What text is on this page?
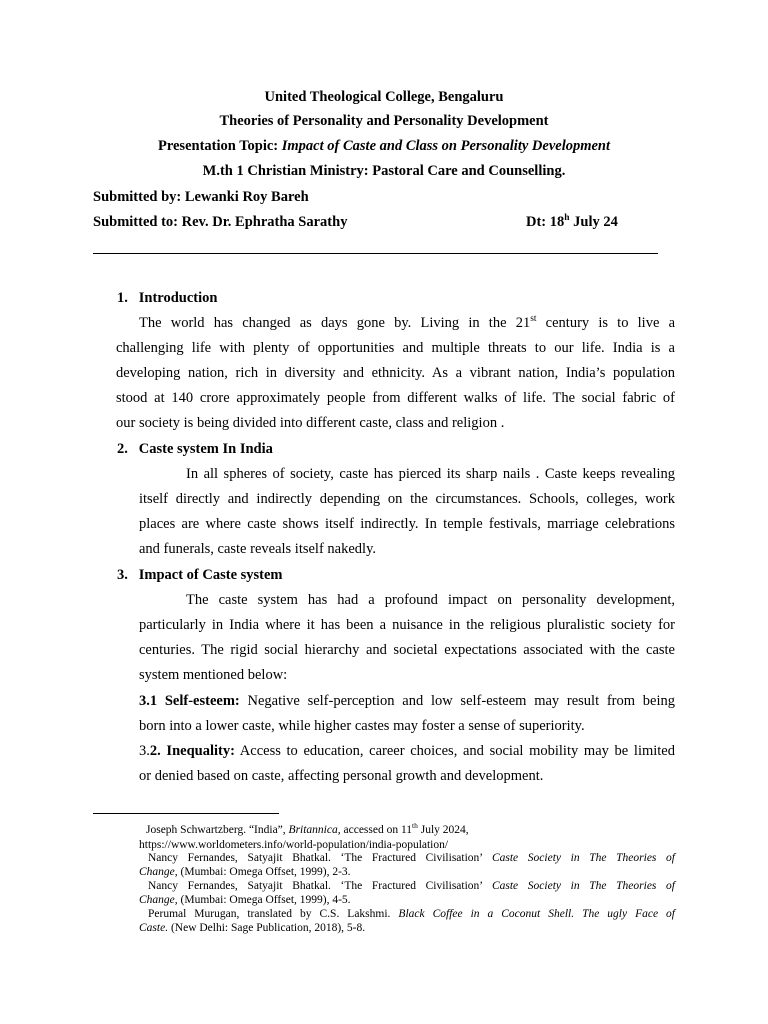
United Theological College, Bengaluru
Theories of Personality and Personality Development
Presentation Topic: Impact of Caste and Class on Personality Development
M.th 1 Christian Ministry: Pastoral Care and Counselling.
Submitted by: Lewanki Roy Bareh
Submitted to: Rev. Dr. Ephratha Sarathy	Dt: 18$^h$ July 24
1.   Introduction
The world has changed as days gone by. Living in the 21st century is to live a
challenging life with plenty of opportunities and multiple threats to our life. India is a
developing nation, rich in diversity and ethnicity. As a vibrant nation, India’s population
stood at 140 crore approximately people from different walks of life. The social fabric of
our society is being divided into different caste, class and religion .
2.   Caste system In India
In all spheres of society, caste has pierced its sharp nails . Caste keeps revealing
itself directly and indirectly depending on the circumstances. Schools, colleges, work
places are where caste shows itself indirectly. In temple festivals, marriage celebrations
and funerals, caste reveals itself nakedly.
3.   Impact of Caste system
The caste system has had a profound impact on personality development,
particularly in India where it has been a nuisance in the religious pluralistic society for
centuries. The rigid social hierarchy and societal expectations associated with the caste
system mentioned below:
3.1 Self-esteem: Negative self-perception and low self-esteem may result from being
born into a lower caste, while higher castes may foster a sense of superiority.
3.2. Inequality: Access to education, career choices, and social mobility may be limited
or denied based on caste, affecting personal growth and development.
Joseph Schwartzberg. “India”, Britannica, accessed on 11th July 2024,
https://www.worldometers.info/world-population/india-population/
Nancy Fernandes, Satyajit Bhatkal. ‘The Fractured Civilisation’ Caste Society in The Theories of
Change, (Mumbai: Omega Offset, 1999), 2-3.
Nancy Fernandes, Satyajit Bhatkal. ‘The Fractured Civilisation’ Caste Society in The Theories of
Change, (Mumbai: Omega Offset, 1999), 4-5.
Perumal Murugan, translated by C.S. Lakshmi. Black Coffee in a Coconut Shell. The ugly Face of
Caste. (New Delhi: Sage Publication, 2018), 5-8.
